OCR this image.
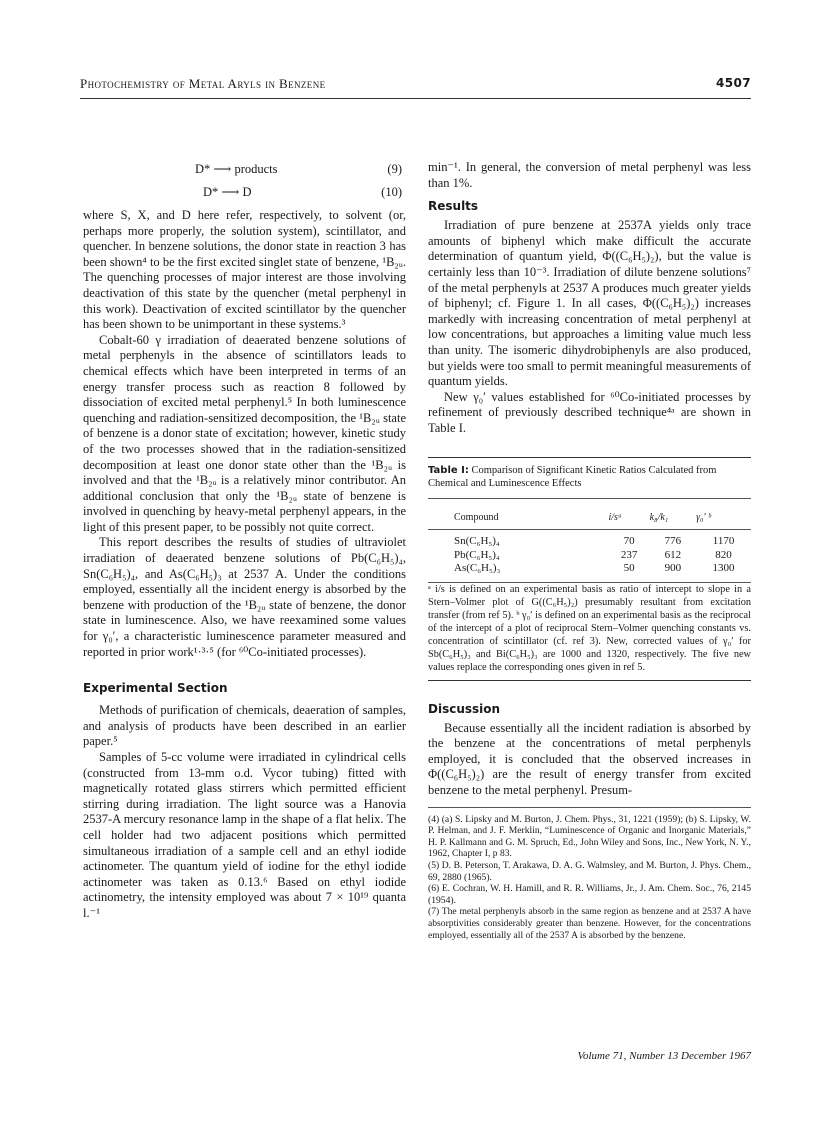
Photochemistry of Metal Aryls in Benzene	4507
D* ⟶ products	(9)
D* ⟶ D	(10)

where S, X, and D here refer, respectively, to solvent (or, perhaps more properly, the solution system), scintillator, and quencher. In benzene solutions, the donor state in reaction 3 has been shown⁴ to be the first excited singlet state of benzene, ¹B₂ᵤ. The quenching processes of major interest are those involving deactivation of this state by the quencher (metal perphenyl in this work). Deactivation of excited scintillator by the quencher has been shown to be unimportant in these systems.³

Cobalt-60 γ irradiation of deaerated benzene solutions of metal perphenyls in the absence of scintillators leads to chemical effects which have been interpreted in terms of an energy transfer process such as reaction 8 followed by dissociation of excited metal perphenyl.⁵ In both luminescence quenching and radiation-sensitized decomposition, the ¹B₂ᵤ state of benzene is a donor state of excitation; however, kinetic study of the two processes showed that in the radiation-sensitized decomposition at least one donor state other than the ¹B₂ᵤ is involved and that the ¹B₂ᵤ is a relatively minor contributor. An additional conclusion that only the ¹B₂ᵤ state of benzene is involved in quenching by heavy-metal perphenyl appears, in the light of this present paper, to be possibly not quite correct.

This report describes the results of studies of ultraviolet irradiation of deaerated benzene solutions of Pb(C₆H₅)₄, Sn(C₆H₅)₄, and As(C₆H₅)₃ at 2537 A. Under the conditions employed, essentially all the incident energy is absorbed by the benzene with production of the ¹B₂ᵤ state of benzene, the donor state in luminescence. Also, we have reexamined some values for γ₀′, a characteristic luminescence parameter measured and reported in prior work¹·³·⁵ (for ⁶⁰Co-initiated processes).

Experimental Section

Methods of purification of chemicals, deaeration of samples, and analysis of products have been described in an earlier paper.⁵

Samples of 5-cc volume were irradiated in cylindrical cells (constructed from 13-mm o.d. Vycor tubing) fitted with magnetically rotated glass stirrers which permitted efficient stirring during irradiation. The light source was a Hanovia 2537-A mercury resonance lamp in the shape of a flat helix. The cell holder had two adjacent positions which permitted simultaneous irradiation of a sample cell and an ethyl iodide actinometer. The quantum yield of iodine for the ethyl iodide actinometer was taken as 0.13.⁶ Based on ethyl iodide actinometry, the intensity employed was about 7 × 10¹⁹ quanta l.⁻¹

min⁻¹. In general, the conversion of metal perphenyl was less than 1%.

Results

Irradiation of pure benzene at 2537A yields only trace amounts of biphenyl which make difficult the accurate determination of quantum yield, Φ((C₆H₅)₂), but the value is certainly less than 10⁻³. Irradiation of dilute benzene solutions⁷ of the metal perphenyls at 2537 A produces much greater yields of biphenyl; cf. Figure 1. In all cases, Φ((C₆H₅)₂) increases markedly with increasing concentration of metal perphenyl at low concentrations, but approaches a limiting value much less than unity. The isomeric dihydrobiphenyls are also produced, but yields were too small to permit meaningful measurements of quantum yields.

New γ₀′ values established for ⁶⁰Co-initiated processes by refinement of previously described technique⁴ᵃ are shown in Table I.

Table I: Comparison of Significant Kinetic Ratios Calculated from Chemical and Luminescence Effects
Compound	i/sᵃ	k₈/k₁	γ₀′ ᵇ
Sn(C₆H₅)₄	70	776	1170
Pb(C₆H₅)₄	237	612	820
As(C₆H₅)₃	50	900	1300

ᵃ i/s is defined on an experimental basis as ratio of intercept to slope in a Stern–Volmer plot of G((C₆H₅)₂) presumably resultant from excitation transfer (from ref 5). ᵇ γ₀′ is defined on an experimental basis as the reciprocal of the intercept of a plot of reciprocal Stern–Volmer quenching constants vs. concentration of scintillator (cf. ref 3). New, corrected values of γ₀′ for Sb(C₆H₅)₃ and Bi(C₆H₅)₃ are 1000 and 1320, respectively. The five new values replace the corresponding ones given in ref 5.

Discussion

Because essentially all the incident radiation is absorbed by the benzene at the concentrations of metal perphenyls employed, it is concluded that the observed increases in Φ((C₆H₅)₂) are the result of energy transfer from excited benzene to the metal perphenyl. Presum-

(4) (a) S. Lipsky and M. Burton, J. Chem. Phys., 31, 1221 (1959); (b) S. Lipsky, W. P. Helman, and J. F. Merklin, “Luminescence of Organic and Inorganic Materials,” H. P. Kallmann and G. M. Spruch, Ed., John Wiley and Sons, Inc., New York, N. Y., 1962, Chapter I, p 83.

(5) D. B. Peterson, T. Arakawa, D. A. G. Walmsley, and M. Burton, J. Phys. Chem., 69, 2880 (1965).

(6) E. Cochran, W. H. Hamill, and R. R. Williams, Jr., J. Am. Chem. Soc., 76, 2145 (1954).

(7) The metal perphenyls absorb in the same region as benzene and at 2537 A have absorptivities considerably greater than benzene. However, for the concentrations employed, essentially all of the 2537 A is absorbed by the benzene.

Volume 71, Number 13 December 1967
